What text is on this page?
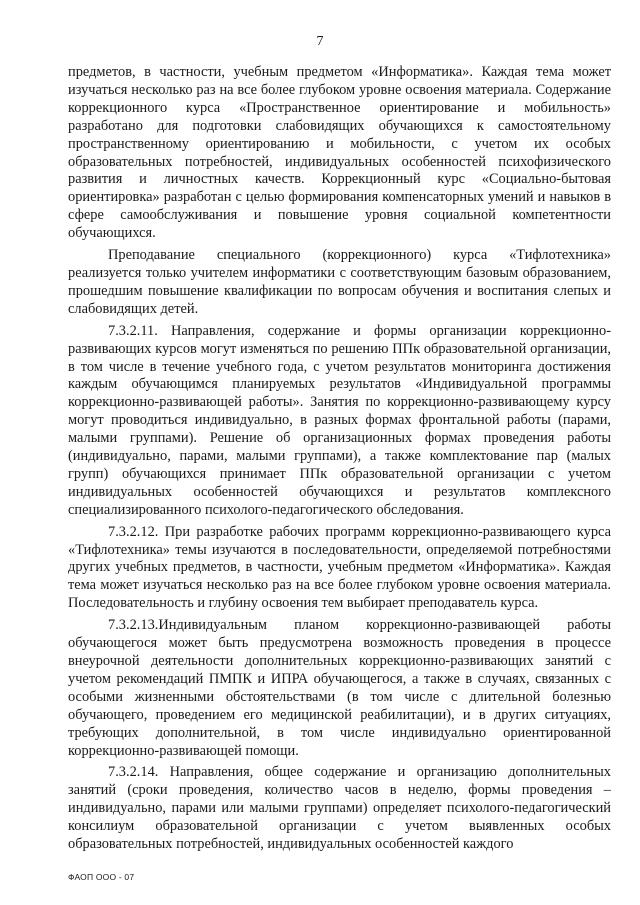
7

предметов, в частности, учебным предметом «Информатика». Каждая тема может изучаться несколько раз на все более глубоком уровне освоения материала. Содержание коррекционного курса «Пространственное ориентирование и мобильность» разработано для подготовки слабовидящих обучающихся к самостоятельному пространственному ориентированию и мобильности, с учетом их особых образовательных потребностей, индивидуальных особенностей психофизического развития и личностных качеств. Коррекционный курс «Социально-бытовая ориентировка» разработан с целью формирования компенсаторных умений и навыков в сфере самообслуживания и повышение уровня социальной компетентности обучающихся.

Преподавание специального (коррекционного) курса «Тифлотехника» реализуется только учителем информатики с соответствующим базовым образованием, прошедшим повышение квалификации по вопросам обучения и воспитания слепых и слабовидящих детей.

7.3.2.11. Направления, содержание и формы организации коррекционно-развивающих курсов могут изменяться по решению ППк образовательной организации, в том числе в течение учебного года, с учетом результатов мониторинга достижения каждым обучающимся планируемых результатов «Индивидуальной программы коррекционно-развивающей работы». Занятия по коррекционно-развивающему курсу могут проводиться индивидуально, в разных формах фронтальной работы (парами, малыми группами). Решение об организационных формах проведения работы (индивидуально, парами, малыми группами), а также комплектование пар (малых групп) обучающихся принимает ППк образовательной организации с учетом индивидуальных особенностей обучающихся и результатов комплексного специализированного психолого-педагогического обследования.

7.3.2.12. При разработке рабочих программ коррекционно-развивающего курса «Тифлотехника» темы изучаются в последовательности, определяемой потребностями других учебных предметов, в частности, учебным предметом «Информатика». Каждая тема может изучаться несколько раз на все более глубоком уровне освоения материала. Последовательность и глубину освоения тем выбирает преподаватель курса.

7.3.2.13.Индивидуальным планом коррекционно-развивающей работы обучающегося может быть предусмотрена возможность проведения в процессе внеурочной деятельности дополнительных коррекционно-развивающих занятий с учетом рекомендаций ПМПК и ИПРА обучающегося, а также в случаях, связанных с особыми жизненными обстоятельствами (в том числе с длительной болезнью обучающего, проведением его медицинской реабилитации), и в других ситуациях, требующих дополнительной, в том числе индивидуально ориентированной коррекционно-развивающей помощи.

7.3.2.14. Направления, общее содержание и организацию дополнительных занятий (сроки проведения, количество часов в неделю, формы проведения – индивидуально, парами или малыми группами) определяет психолого-педагогический консилиум образовательной организации с учетом выявленных особых образовательных потребностей, индивидуальных особенностей каждого

ФАОП ООО - 07
